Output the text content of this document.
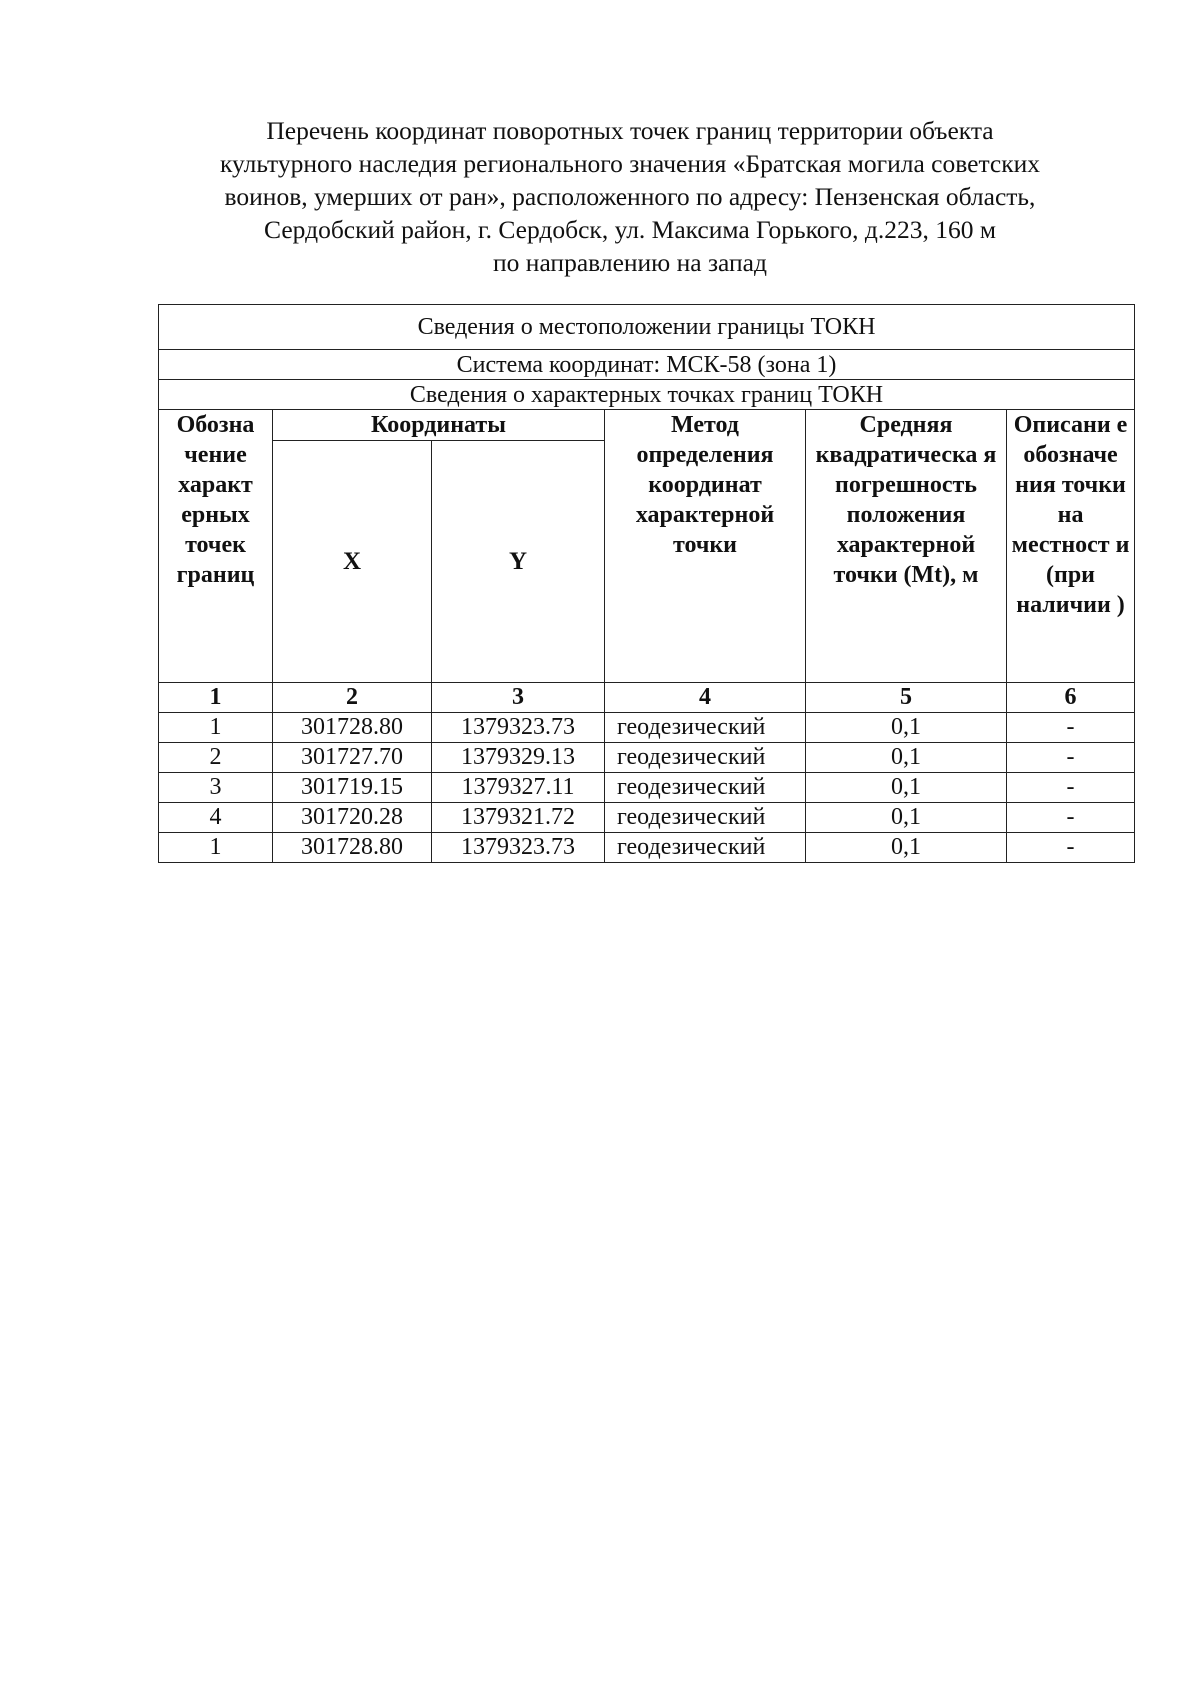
Перечень координат поворотных точек границ территории объекта
культурного наследия регионального значения «Братская могила советских
воинов, умерших от ран», расположенного по адресу: Пензенская область,
Сердобский район, г. Сердобск, ул. Максима Горького, д.223, 160 м
по направлению на запад
Сведения о местоположении границы ТОКН					
Система координат: МСК-58 (зона 1)					
Сведения о характерных точках границ ТОКН					
Обозна чение характ ерных точек границ	Координаты		Метод определения координат характерной точки	Средняя квадратическа я погрешность положения характерной точки (Mt), м	Описани е обозначе ния точки на местност и (при наличии )
	X	Y			
1	2	3	4	5	6
1	301728.80	1379323.73	геодезический	0,1	-
2	301727.70	1379329.13	геодезический	0,1	-
3	301719.15	1379327.11	геодезический	0,1	-
4	301720.28	1379321.72	геодезический	0,1	-
1	301728.80	1379323.73	геодезический	0,1	-
